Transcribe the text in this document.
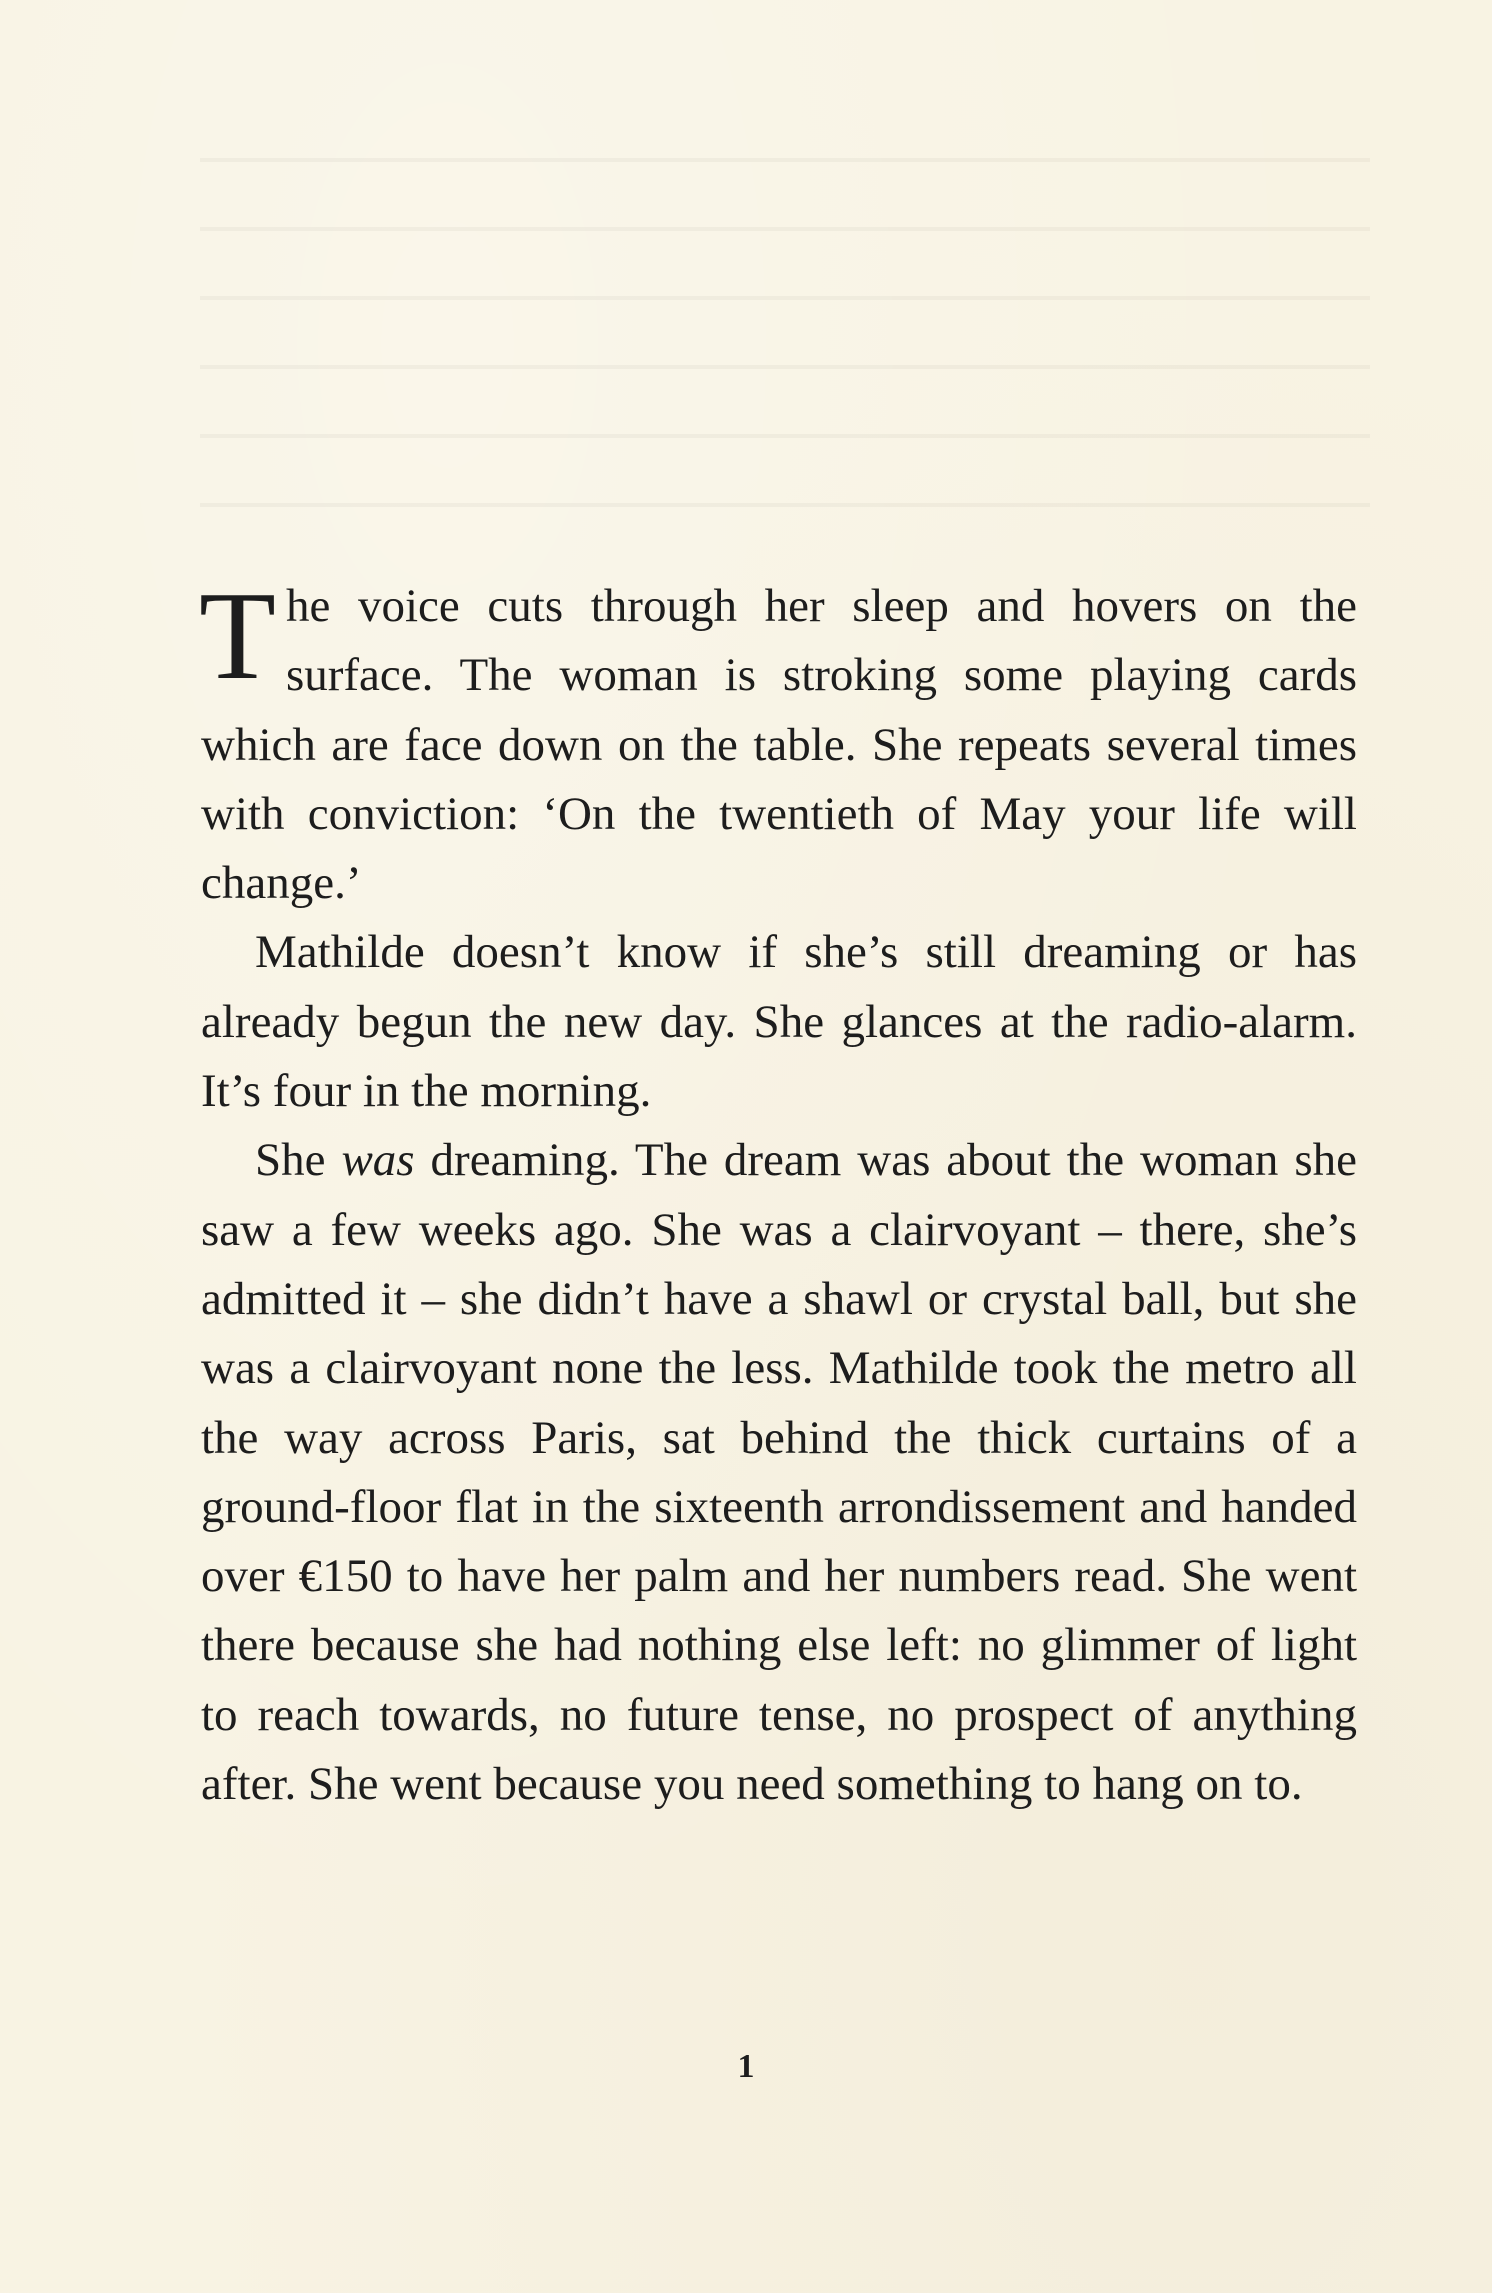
The voice cuts through her sleep and hovers on the surface. The woman is stroking some playing cards which are face down on the table. She repeats several times with conviction: ‘On the twentieth of May your life will change.’

Mathilde doesn’t know if she’s still dreaming or has already begun the new day. She glances at the radio-alarm. It’s four in the morning.

She was dreaming. The dream was about the woman she saw a few weeks ago. She was a clairvoyant – there, she’s admitted it – she didn’t have a shawl or crystal ball, but she was a clairvoyant none the less. Mathilde took the metro all the way across Paris, sat behind the thick curtains of a ground-floor flat in the sixteenth arrondissement and handed over €150 to have her palm and her numbers read. She went there because she had nothing else left: no glimmer of light to reach towards, no future tense, no prospect of anything after. She went because you need something to hang on to.

1
